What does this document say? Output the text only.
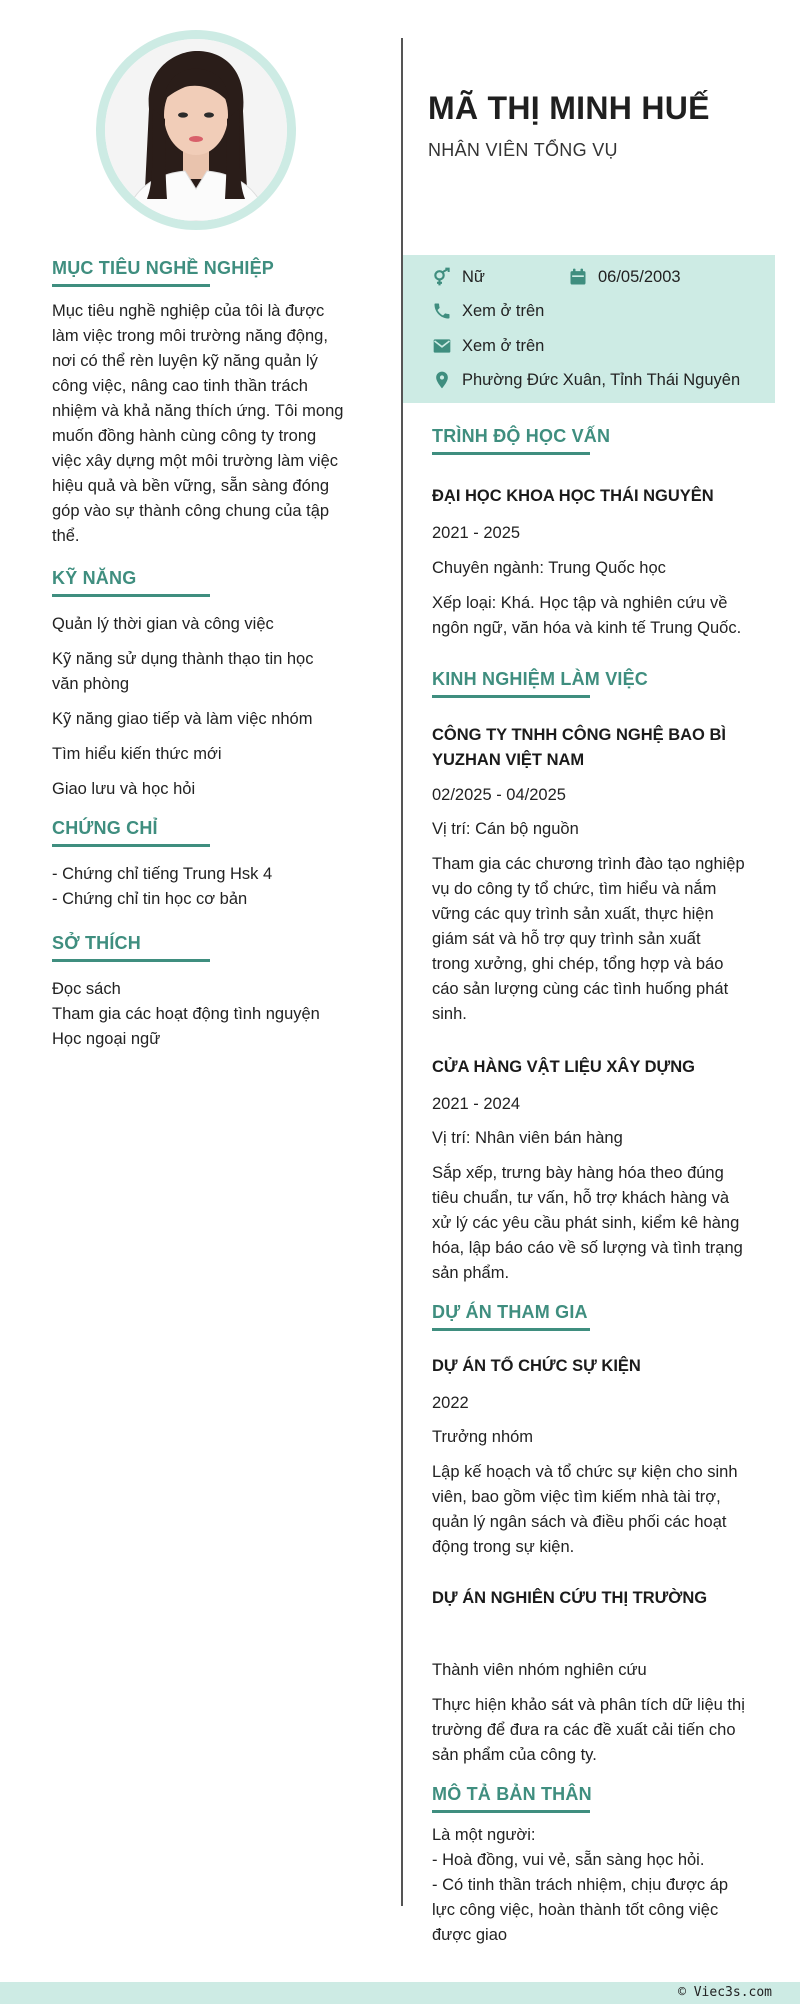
MỤC TIÊU NGHỀ NGHIỆP
Mục tiêu nghề nghiệp của tôi là được
làm việc trong môi trường năng động,
nơi có thể rèn luyện kỹ năng quản lý
công việc, nâng cao tinh thần trách
nhiệm và khả năng thích ứng. Tôi mong
muốn đồng hành cùng công ty trong
việc xây dựng một môi trường làm việc
hiệu quả và bền vững, sẵn sàng đóng
góp vào sự thành công chung của tập
thể.
KỸ NĂNG
Quản lý thời gian và công việc
Kỹ năng sử dụng thành thạo tin học
văn phòng
Kỹ năng giao tiếp và làm việc nhóm
Tìm hiểu kiến thức mới
Giao lưu và học hỏi
CHỨNG CHỈ
- Chứng chỉ tiếng Trung Hsk 4
- Chứng chỉ tin học cơ bản
SỞ THÍCH
Đọc sách
Tham gia các hoạt động tình nguyện
Học ngoại ngữ
MÃ THỊ MINH HUẾ
NHÂN VIÊN TỔNG VỤ
Nữ	06/05/2003
Xem ở trên
Xem ở trên
Phường Đức Xuân, Tỉnh Thái Nguyên
TRÌNH ĐỘ HỌC VẤN
ĐẠI HỌC KHOA HỌC THÁI NGUYÊN
2021 - 2025
Chuyên ngành: Trung Quốc học
Xếp loại: Khá. Học tập và nghiên cứu về
ngôn ngữ, văn hóa và kinh tế Trung Quốc.
KINH NGHIỆM LÀM VIỆC
CÔNG TY TNHH CÔNG NGHỆ BAO BÌ
YUZHAN VIỆT NAM
02/2025 - 04/2025
Vị trí: Cán bộ nguồn
Tham gia các chương trình đào tạo nghiệp
vụ do công ty tổ chức, tìm hiểu và nắm
vững các quy trình sản xuất, thực hiện
giám sát và hỗ trợ quy trình sản xuất
trong xưởng, ghi chép, tổng hợp và báo
cáo sản lượng cùng các tình huống phát
sinh.
CỬA HÀNG VẬT LIỆU XÂY DỰNG
2021 - 2024
Vị trí: Nhân viên bán hàng
Sắp xếp, trưng bày hàng hóa theo đúng
tiêu chuẩn, tư vấn, hỗ trợ khách hàng và
xử lý các yêu cầu phát sinh, kiểm kê hàng
hóa, lập báo cáo về số lượng và tình trạng
sản phẩm.
DỰ ÁN THAM GIA
DỰ ÁN TỔ CHỨC SỰ KIỆN
2022
Trưởng nhóm
Lập kế hoạch và tổ chức sự kiện cho sinh
viên, bao gồm việc tìm kiếm nhà tài trợ,
quản lý ngân sách và điều phối các hoạt
động trong sự kiện.
DỰ ÁN NGHIÊN CỨU THỊ TRƯỜNG
Thành viên nhóm nghiên cứu
Thực hiện khảo sát và phân tích dữ liệu thị
trường để đưa ra các đề xuất cải tiến cho
sản phẩm của công ty.
MÔ TẢ BẢN THÂN
Là một người:
- Hoà đồng, vui vẻ, sẵn sàng học hỏi.
- Có tinh thần trách nhiệm, chịu được áp
lực công việc, hoàn thành tốt công việc
được giao
© Viec3s.com
